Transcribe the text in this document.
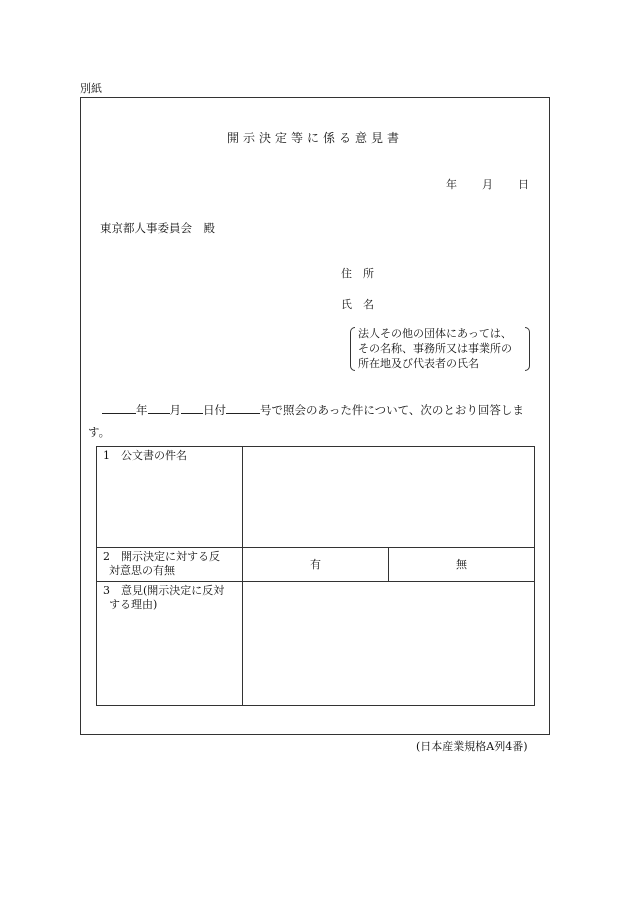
別紙
開示決定等に係る意見書
年 月 日
東京都人事委員会　殿
住　所
氏　名
法人その他の団体にあっては、
その名称、事務所又は事業所の
所在地及び代表者の氏名
年 月 日付	号で照会のあった件について、次のとおり回答しま
す。
1　公文書の件名		

2　開示決定に対する反
対意思の有無	有	無

3　意見(開示決定に反対
する理由)		

(日本産業規格A列4番)
